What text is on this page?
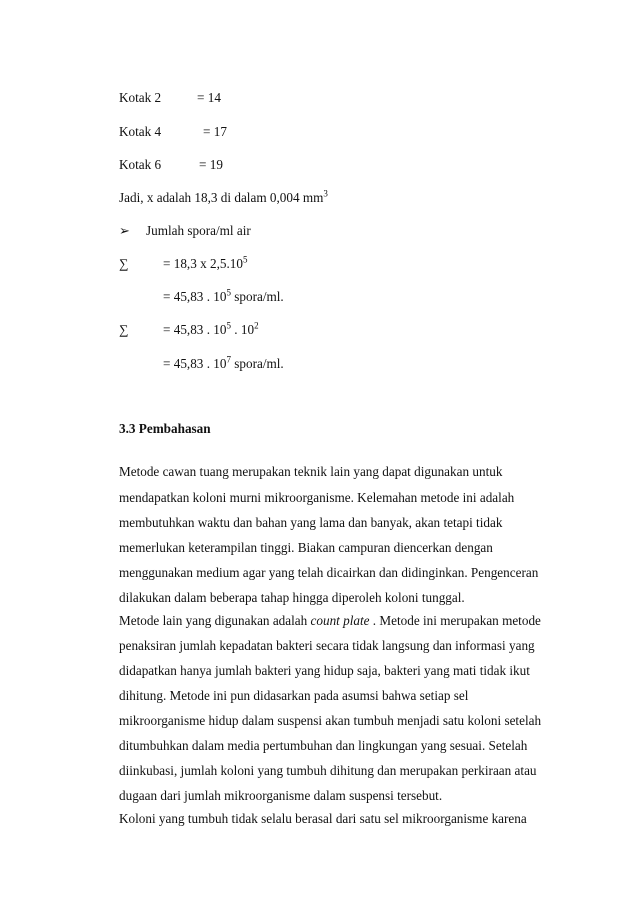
Kotak 2	= 14

Kotak 4	= 17

Kotak 6	= 19

Jadi, x adalah 18,3 di dalam 0,004 $mm^3$

➢ Jumlah spora/ml air

∑	= 18,3 x 2,5.10$^5$

= 45,83 . $10^5$ spora/ml.

∑	= 45,83 . $10^5$ . $10^2$

= 45,83 . $10^7$ spora/ml.

3.3 Pembahasan

Metode cawan tuang merupakan teknik lain yang dapat digunakan untuk

mendapatkan koloni murni mikroorganisme. Kelemahan metode ini adalah

membutuhkan waktu dan bahan yang lama dan banyak, akan tetapi tidak

memerlukan keterampilan tinggi. Biakan campuran diencerkan dengan

menggunakan medium agar yang telah dicairkan dan didinginkan. Pengenceran

dilakukan dalam beberapa tahap hingga diperoleh koloni tunggal.

Metode lain yang digunakan adalah count plate . Metode ini merupakan metode

penaksiran jumlah kepadatan bakteri secara tidak langsung dan informasi yang

didapatkan hanya jumlah bakteri yang hidup saja, bakteri yang mati tidak ikut

dihitung. Metode ini pun didasarkan pada asumsi bahwa setiap sel

mikroorganisme hidup dalam suspensi akan tumbuh menjadi satu koloni setelah

ditumbuhkan dalam media pertumbuhan dan lingkungan yang sesuai. Setelah

diinkubasi, jumlah koloni yang tumbuh dihitung dan merupakan perkiraan atau

dugaan dari jumlah mikroorganisme dalam suspensi tersebut.

Koloni yang tumbuh tidak selalu berasal dari satu sel mikroorganisme karena
